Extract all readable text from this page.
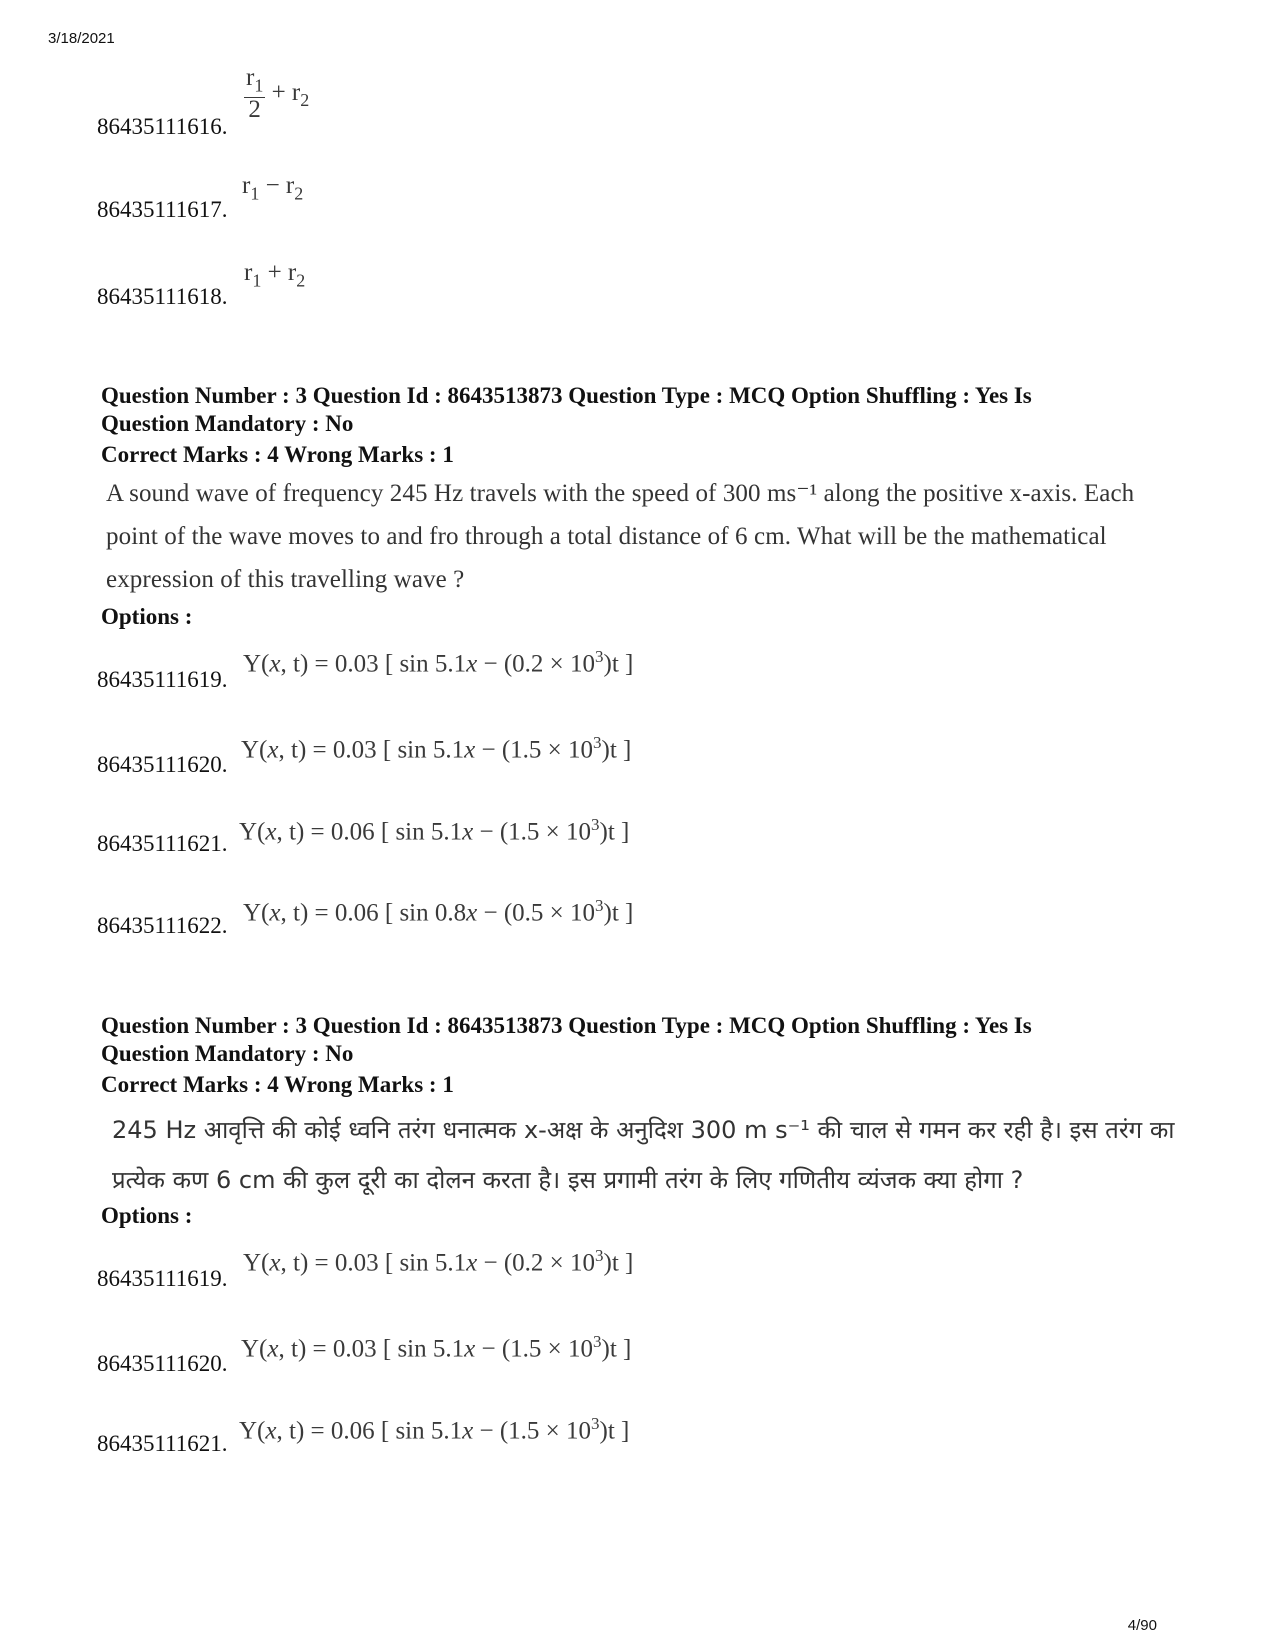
3/18/2021
4/90
86435111616.
$\frac{r_1}{2} + r_2$
86435111617.
$r_1 - r_2$
86435111618.
$r_1 + r_2$
Question Number : 3 Question Id : 8643513873 Question Type : MCQ Option Shuffling : Yes Is
Question Mandatory : No
Correct Marks : 4 Wrong Marks : 1
A sound wave of frequency 245 Hz travels with the speed of 300 ms⁻¹ along the positive x-axis. Each point of the wave moves to and fro through a total distance of 6 cm. What will be the mathematical expression of this travelling wave ?
Options :
86435111619.
Y(x, t) = 0.03 [ $\sin 5.1x - (0.2 \times 10^3)t$ ]
86435111620.
Y(x, t) = 0.03 [ $\sin 5.1x - (1.5 \times 10^3)t$ ]
86435111621. Y(x, t) = 0.06 [ $\sin 5.1x - (1.5 \times 10^3)t$ ]
86435111622. Y(x, t) = 0.06 [ $\sin 0.8x - (0.5 \times 10^3)t$ ]
Question Number : 3 Question Id : 8643513873 Question Type : MCQ Option Shuffling : Yes Is
Question Mandatory : No
Correct Marks : 4 Wrong Marks : 1
245 Hz आवृत्ति की कोई ध्वनि तरंग धनात्मक x-अक्ष के अनुदिश 300 m s⁻¹ की चाल से गमन कर रही है। इस तरंग का प्रत्येक कण 6 cm की कुल दूरी का दोलन करता है। इस प्रगामी तरंग के लिए गणितीय व्यंजक क्या होगा ?
Options :
86435111619.
Y(x, t) = 0.03 [ $\sin 5.1x - (0.2 \times 10^3)t$ ]
86435111620.
Y(x, t) = 0.03 [ $\sin 5.1x - (1.5 \times 10^3)t$ ]
86435111621. Y(x, t) = 0.06 [ $\sin 5.1x - (1.5 \times 10^3)t$ ]
